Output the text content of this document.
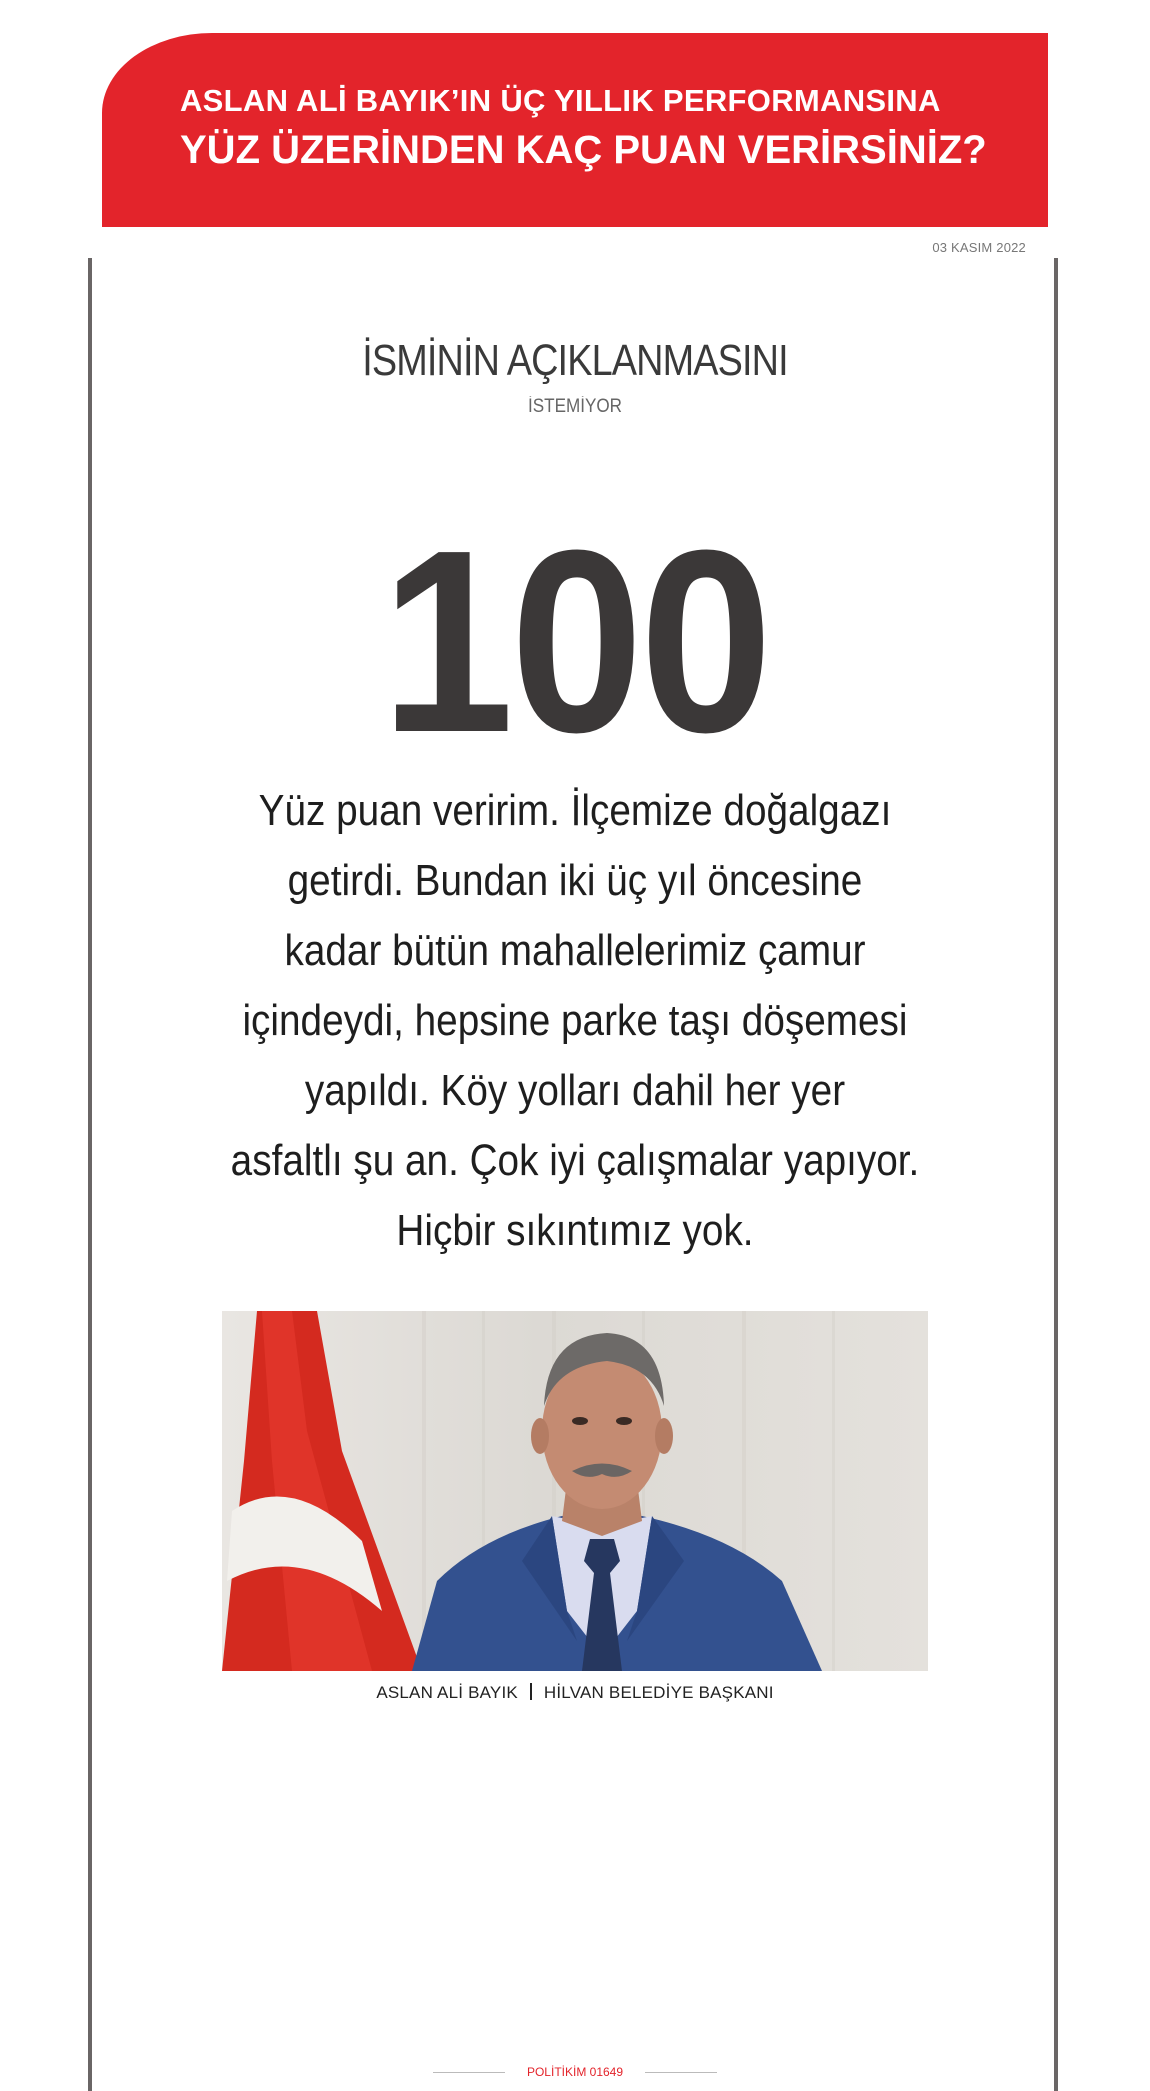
ASLAN ALİ BAYIK’IN ÜÇ YILLIK PERFORMANSINA
YÜZ ÜZERİNDEN KAÇ PUAN VERİRSİNİZ?
03 KASIM 2022
İSMİNİN AÇIKLANMASINI
İSTEMİYOR
100
Yüz puan veririm. İlçemize doğalgazı
getirdi. Bundan iki üç yıl öncesine
kadar bütün mahallelerimiz çamur
içindeydi, hepsine parke taşı döşemesi
yapıldı. Köy yolları dahil her yer
asfaltlı şu an. Çok iyi çalışmalar yapıyor.
Hiçbir sıkıntımız yok.
ASLAN ALİ BAYIK HİLVAN BELEDİYE BAŞKANI
POLİTİKİM 01649
